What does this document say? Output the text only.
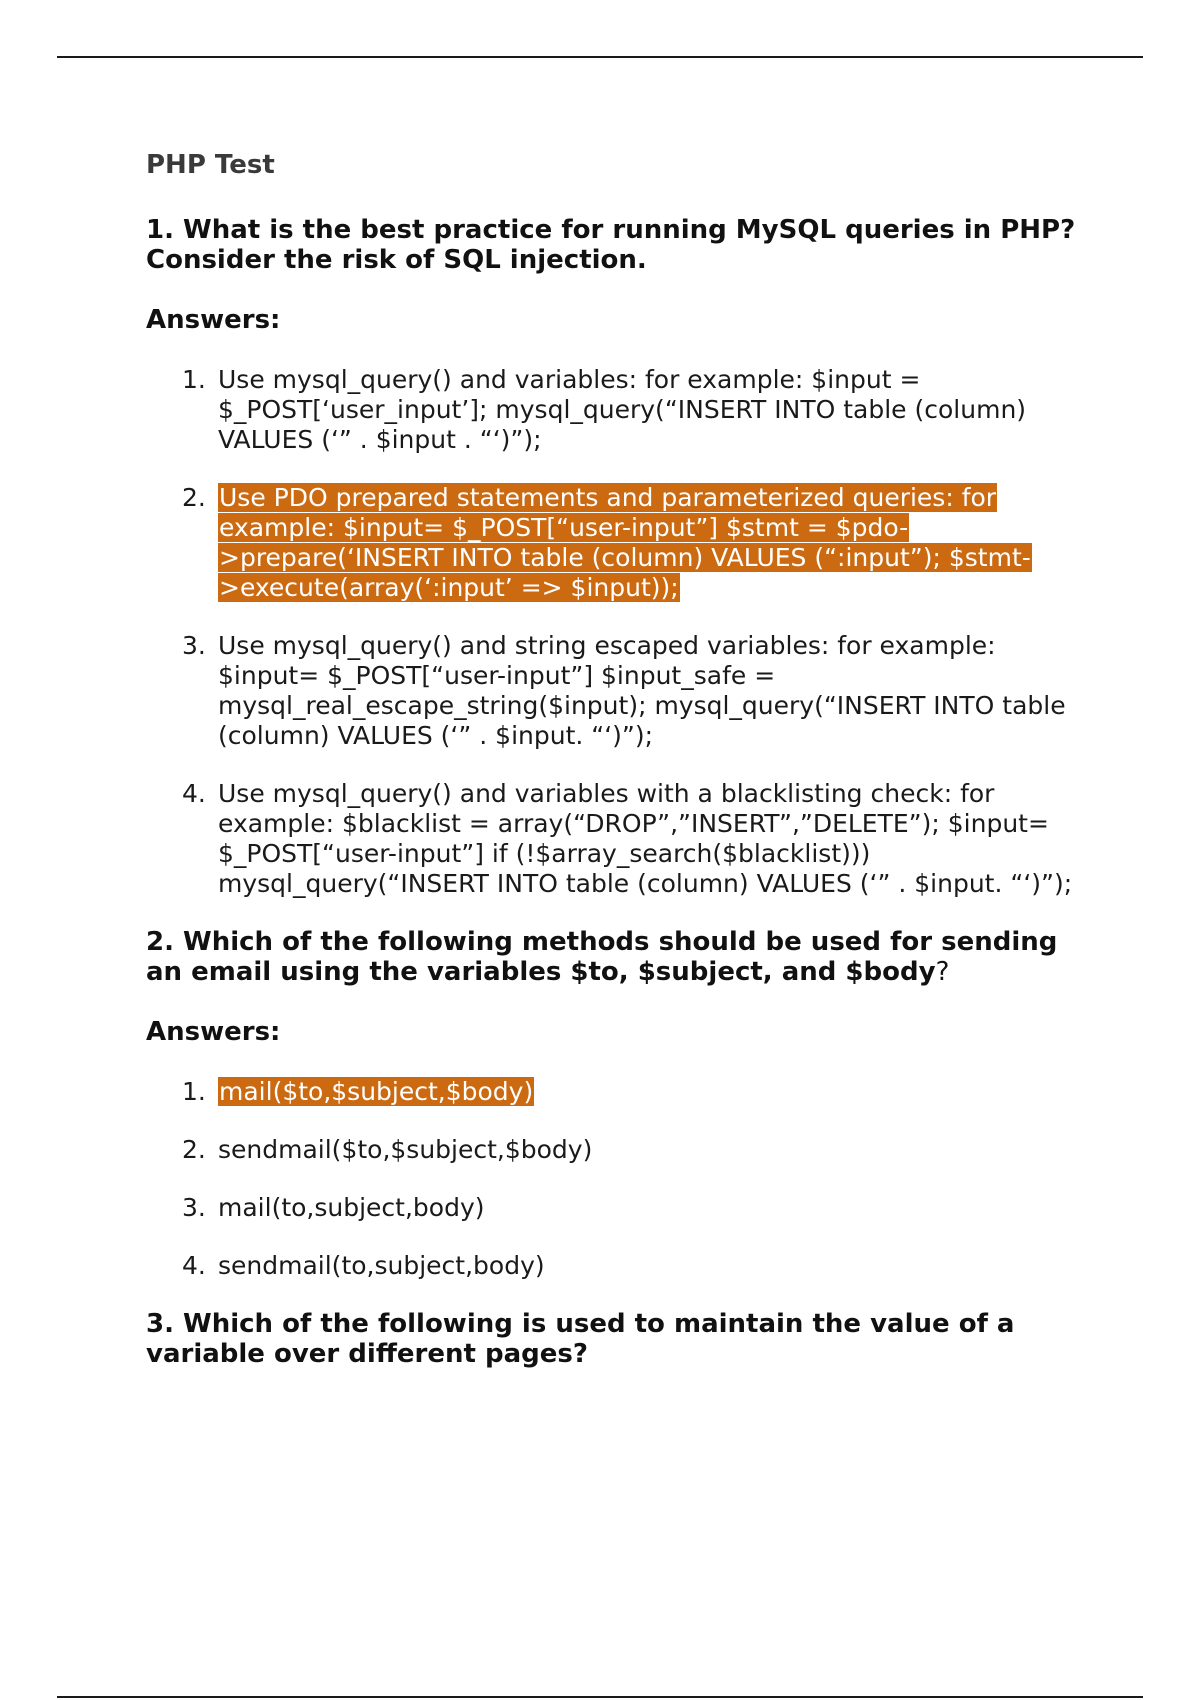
PHP Test
1. What is the best practice for running MySQL queries in PHP? Consider the risk of SQL injection.
Answers:
1. Use mysql_query() and variables: for example: $input = $_POST[‘user_input’]; mysql_query(“INSERT INTO table (column) VALUES (‘” . $input . “‘)”);
2. Use PDO prepared statements and parameterized queries: for example: $input= $_POST[“user-input”] $stmt = $pdo->prepare(‘INSERT INTO table (column) VALUES (“:input”); $stmt->execute(array(‘:input’ => $input));
3. Use mysql_query() and string escaped variables: for example: $input= $_POST[“user-input”] $input_safe = mysql_real_escape_string($input); mysql_query(“INSERT INTO table (column) VALUES (‘” . $input. “‘)”);
4. Use mysql_query() and variables with a blacklisting check: for example: $blacklist = array(“DROP”,”INSERT”,”DELETE”); $input= $_POST[“user-input”] if (!$array_search($blacklist))) mysql_query(“INSERT INTO table (column) VALUES (‘” . $input. “‘)”);
2. Which of the following methods should be used for sending an email using the variables $to, $subject, and $body?
Answers:
1. mail($to,$subject,$body)
2. sendmail($to,$subject,$body)
3. mail(to,subject,body)
4. sendmail(to,subject,body)
3. Which of the following is used to maintain the value of a variable over different pages?
